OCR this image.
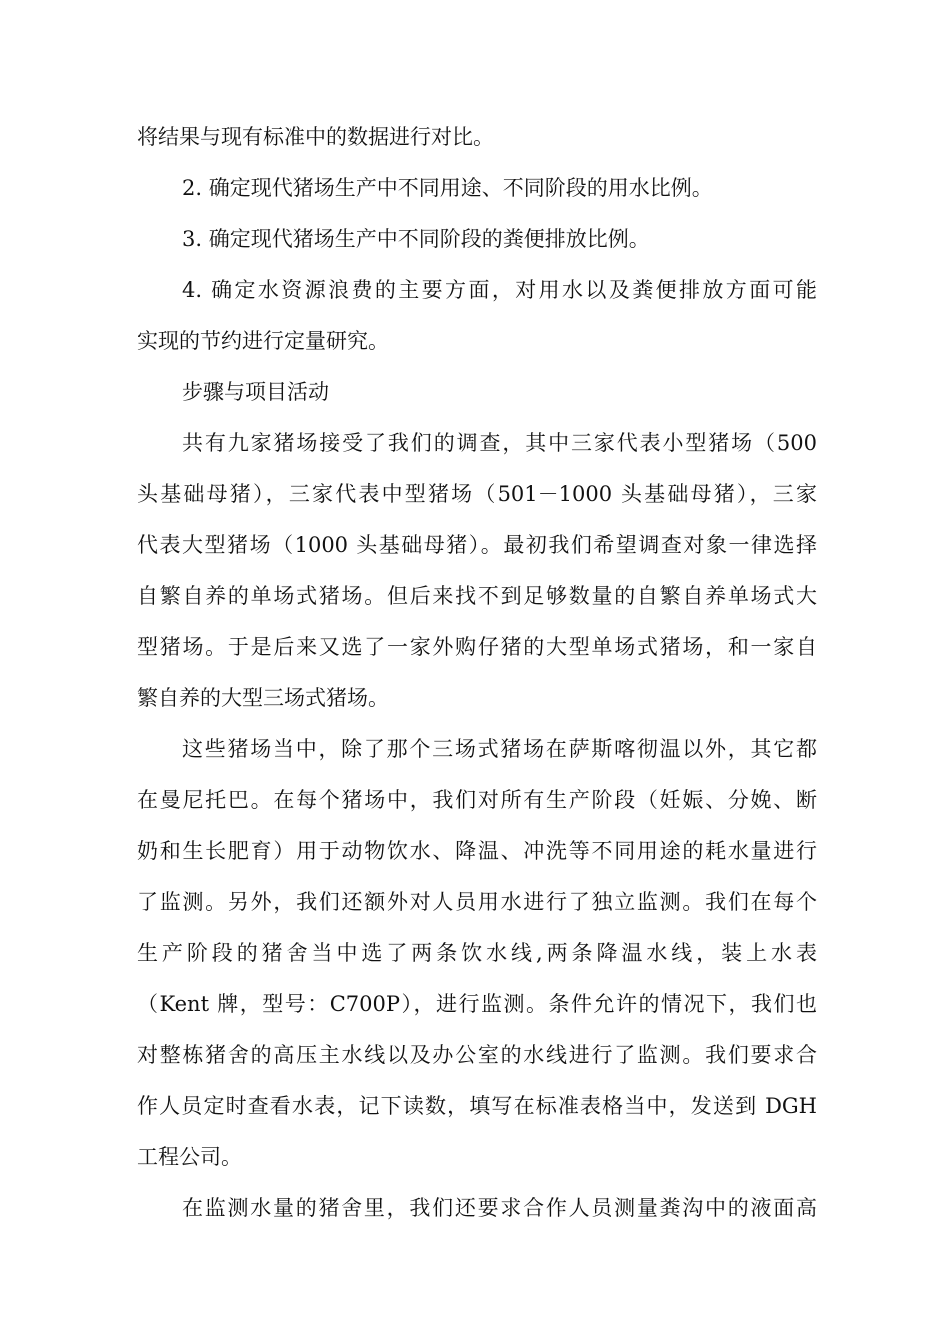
将结果与现有标准中的数据进行对比。
2. 确定现代猪场生产中不同用途、不同阶段的用水比例。
3. 确定现代猪场生产中不同阶段的粪便排放比例。
4. 确定水资源浪费的主要方面，对用水以及粪便排放方面可能
实现的节约进行定量研究。
步骤与项目活动
共有九家猪场接受了我们的调查，其中三家代表小型猪场（500
头基础母猪），三家代表中型猪场（501－1000 头基础母猪），三家
代表大型猪场（1000 头基础母猪）。最初我们希望调查对象一律选择
自繁自养的单场式猪场。但后来找不到足够数量的自繁自养单场式大
型猪场。于是后来又选了一家外购仔猪的大型单场式猪场，和一家自
繁自养的大型三场式猪场。
这些猪场当中，除了那个三场式猪场在萨斯喀彻温以外，其它都
在曼尼托巴。在每个猪场中，我们对所有生产阶段（妊娠、分娩、断
奶和生长肥育）用于动物饮水、降温、冲洗等不同用途的耗水量进行
了监测。另外，我们还额外对人员用水进行了独立监测。我们在每个
生产阶段的猪舍当中选了两条饮水线,两条降温水线，装上水表
（Kent 牌，型号：C700P），进行监测。条件允许的情况下，我们也
对整栋猪舍的高压主水线以及办公室的水线进行了监测。我们要求合
作人员定时查看水表，记下读数，填写在标准表格当中，发送到 DGH
工程公司。
在监测水量的猪舍里，我们还要求合作人员测量粪沟中的液面高
